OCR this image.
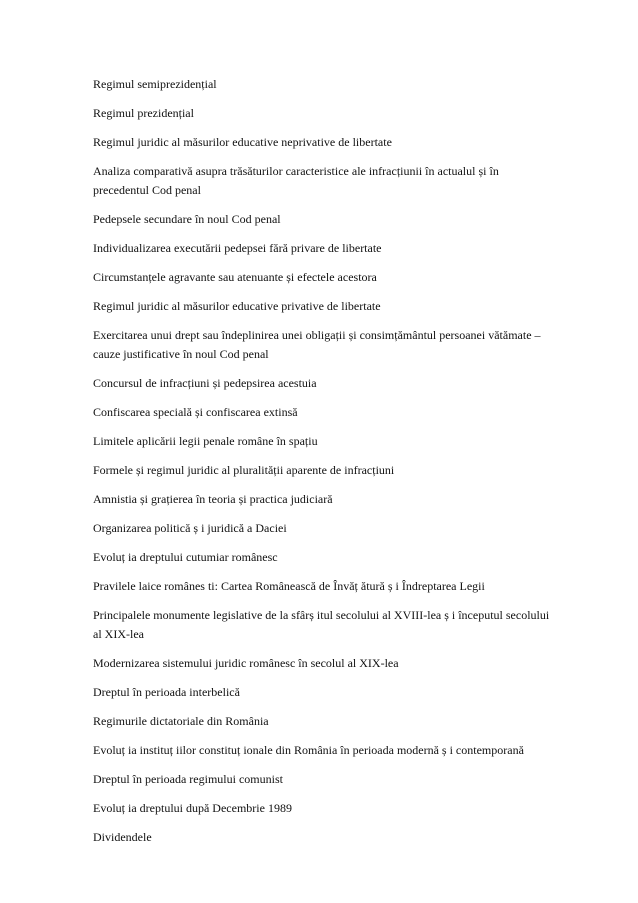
Regimul semiprezidențial
Regimul prezidențial
Regimul juridic al măsurilor educative neprivative de libertate
Analiza comparativă asupra trăsăturilor caracteristice ale infracțiunii în actualul și în precedentul Cod penal
Pedepsele secundare în noul Cod penal
Individualizarea executării pedepsei fără privare de libertate
Circumstanțele agravante sau atenuante și efectele acestora
Regimul juridic al măsurilor educative privative de libertate
Exercitarea unui drept sau îndeplinirea unei obligații și consimțământul persoanei vătămate – cauze justificative în noul Cod penal
Concursul de infracțiuni și pedepsirea acestuia
Confiscarea specială și confiscarea extinsă
Limitele aplicării legii penale române în spațiu
Formele și regimul juridic al pluralității aparente de infracțiuni
Amnistia și grațierea în teoria și practica judiciară
Organizarea politică ș i juridică a Daciei
Evoluț ia dreptului cutumiar românesc
Pravilele laice românes ti: Cartea Românească de Învăț ătură ș i Îndreptarea Legii
Principalele monumente legislative de la sfârș itul secolului al XVIII-lea ș i începutul secolului al XIX-lea
Modernizarea sistemului juridic românesc în secolul al XIX-lea
Dreptul în perioada interbelică
Regimurile dictatoriale din România
Evoluț ia instituț iilor constituț ionale din România în perioada modernă ș i contemporană
Dreptul în perioada regimului comunist
Evoluț ia dreptului după Decembrie 1989
Dividendele
